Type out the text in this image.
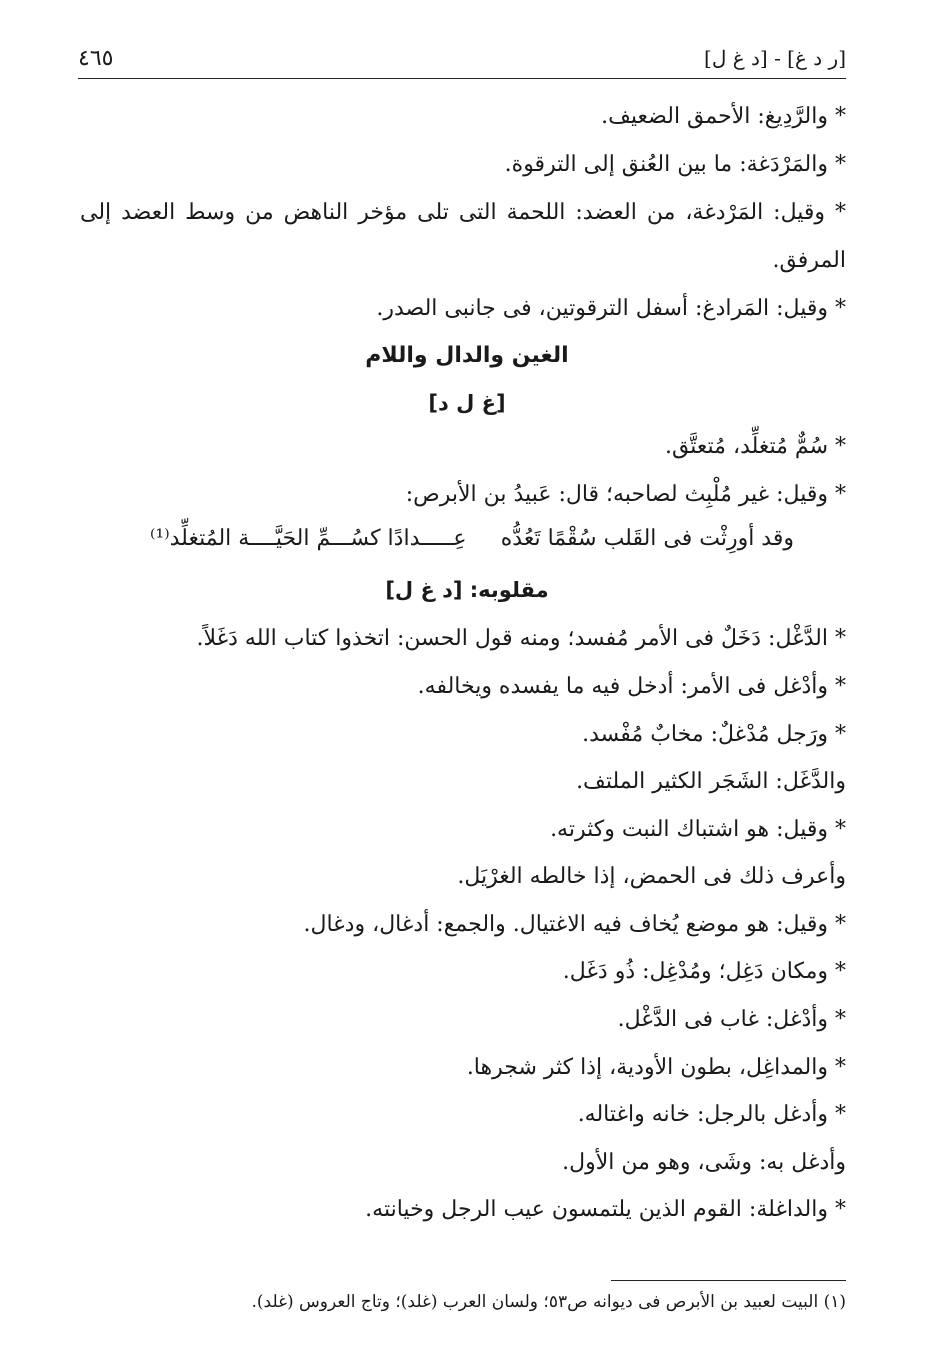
[ر د غ] - [د غ ل]
٤٦٥
* والرَّدِيغ: الأحمق الضعيف.
* والمَرْدَغة: ما بين العُنق إلى الترقوة.
* وقيل: المَرْدغة، من العضد: اللحمة التى تلى مؤخر الناهض من وسط العضد إلى
المرفق.
* وقيل: المَرادغ: أسفل الترقوتين، فى جانبى الصدر.
الغين والدال واللام
[غ ل د]
* سُمٌّ مُتغلِّد، مُتعتَّق.
* وقيل: غير مُلْبِث لصاحبه؛ قال: عَبيدُ بن الأبرص:
وقد أورِثْت فى القَلب سُقْمًا تَعُدُّه
عِـــــدادًا كسُـــمِّ الحَيَّــــة المُتغلِّد⁽¹⁾
مقلوبه: [د غ ل]
* الدَّغْل: دَخَلٌ فى الأمر مُفسد؛ ومنه قول الحسن: اتخذوا كتاب الله دَغَلاً.
* وأدْغل فى الأمر: أدخل فيه ما يفسده ويخالفه.
* ورَجل مُدْغلٌ: مخابٌ مُفْسد.
والدَّغَل: الشَجَر الكثير الملتف.
* وقيل: هو اشتباك النبت وكثرته.
وأعرف ذلك فى الحمض، إذا خالطه الغرْيَل.
* وقيل: هو موضع يُخاف فيه الاغتيال. والجمع: أدغال، ودغال.
* ومكان دَغِل؛ ومُدْغِل: ذُو دَغَل.
* وأدْغل: غاب فى الدَّغْل.
* والمداغِل، بطون الأودية، إذا كثر شجرها.
* وأدغل بالرجل: خانه واغتاله.
وأدغل به: وشَى، وهو من الأول.
* والداغلة: القوم الذين يلتمسون عيب الرجل وخيانته.
(١) البيت لعبيد بن الأبرص فى ديوانه ص٥٣؛ ولسان العرب (غلد)؛ وتاج العروس (غلد).
